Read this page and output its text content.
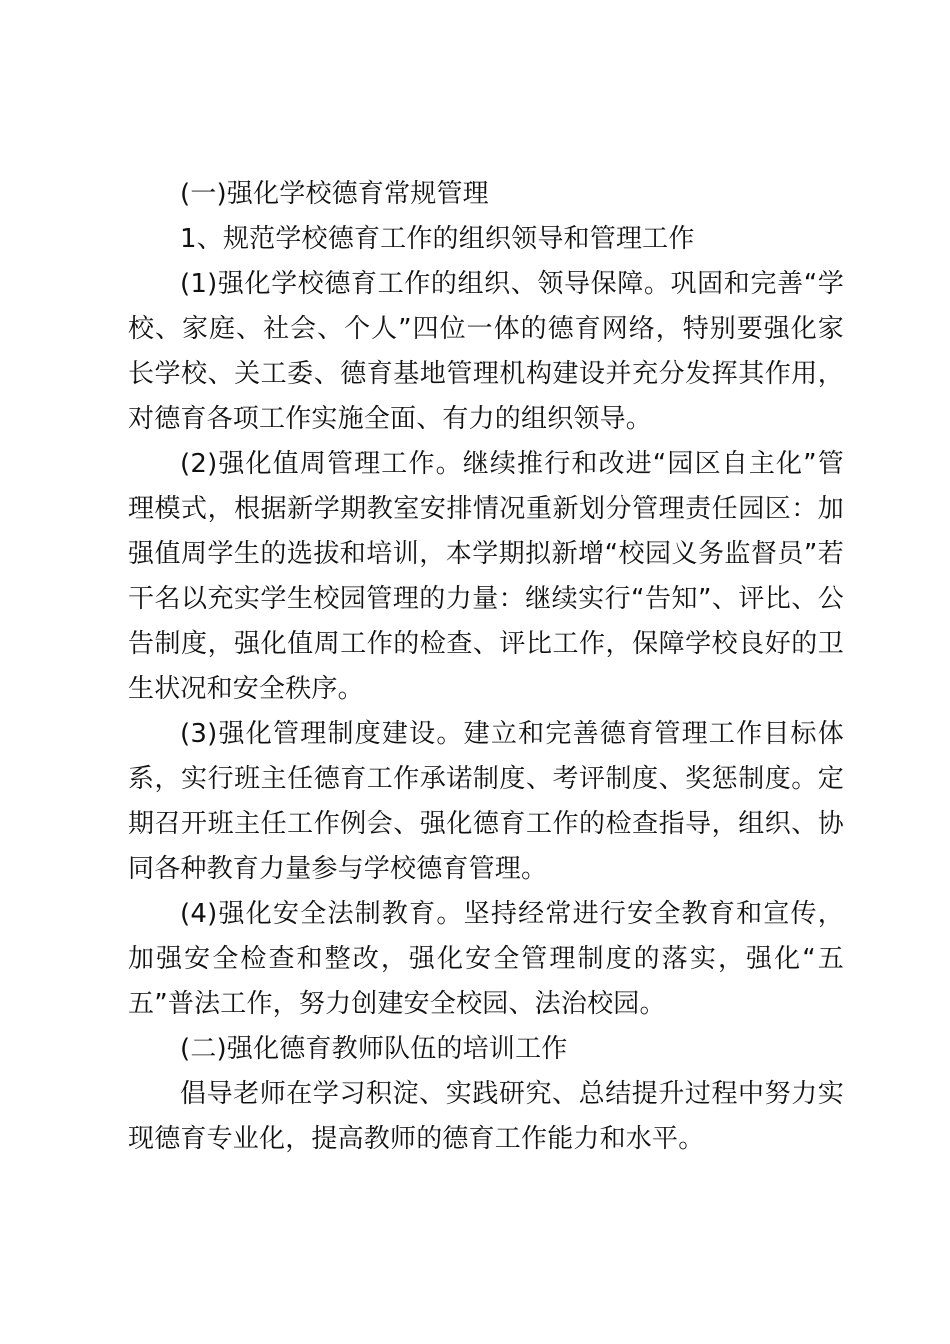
(一)强化学校德育常规管理

1、规范学校德育工作的组织领导和管理工作

(1)强化学校德育工作的组织、领导保障。巩固和完善“学校、家庭、社会、个人”四位一体的德育网络，特别要强化家长学校、关工委、德育基地管理机构建设并充分发挥其作用，对德育各项工作实施全面、有力的组织领导。

(2)强化值周管理工作。继续推行和改进“园区自主化”管理模式，根据新学期教室安排情况重新划分管理责任园区：加强值周学生的选拔和培训，本学期拟新增“校园义务监督员”若干名以充实学生校园管理的力量：继续实行“告知”、评比、公告制度，强化值周工作的检查、评比工作，保障学校良好的卫生状况和安全秩序。

(3)强化管理制度建设。建立和完善德育管理工作目标体系，实行班主任德育工作承诺制度、考评制度、奖惩制度。定期召开班主任工作例会、强化德育工作的检查指导，组织、协同各种教育力量参与学校德育管理。

(4)强化安全法制教育。坚持经常进行安全教育和宣传，加强安全检查和整改，强化安全管理制度的落实，强化“五五”普法工作，努力创建安全校园、法治校园。

(二)强化德育教师队伍的培训工作

倡导老师在学习积淀、实践研究、总结提升过程中努力实现德育专业化，提高教师的德育工作能力和水平。
